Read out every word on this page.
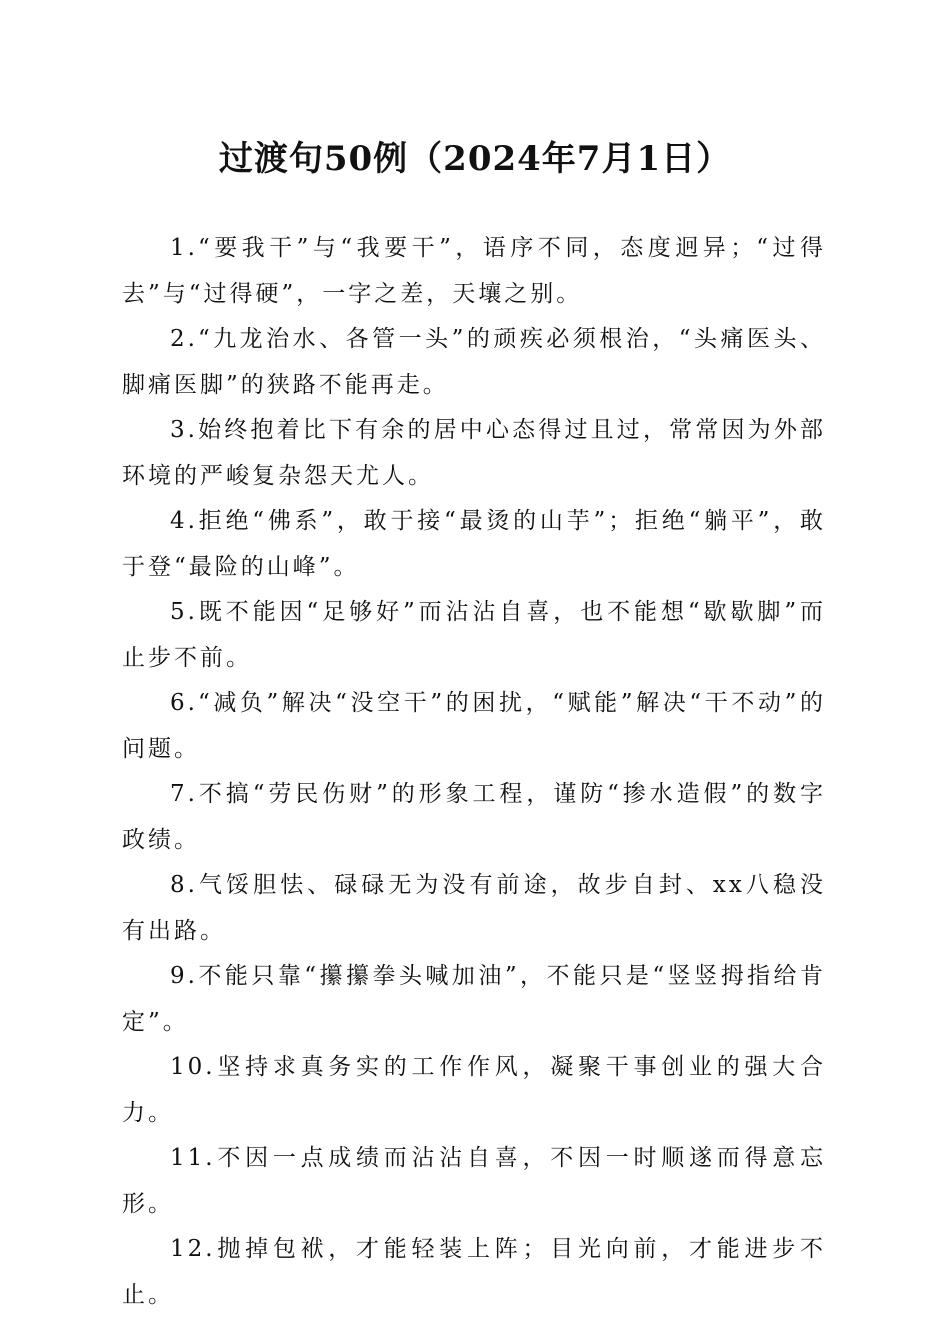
过渡句50例（2024年7月1日）

1.“要我干”与“我要干”，语序不同，态度迥异；“过得去”与“过得硬”，一字之差，天壤之别。

2.“九龙治水、各管一头”的顽疾必须根治，“头痛医头、脚痛医脚”的狭路不能再走。

3.始终抱着比下有余的居中心态得过且过，常常因为外部环境的严峻复杂怨天尤人。

4.拒绝“佛系”，敢于接“最烫的山芋”；拒绝“躺平”，敢于登“最险的山峰”。

5.既不能因“足够好”而沾沾自喜，也不能想“歇歇脚”而止步不前。

6.“减负”解决“没空干”的困扰，“赋能”解决“干不动”的问题。

7.不搞“劳民伤财”的形象工程，谨防“掺水造假”的数字政绩。

8.气馁胆怯、碌碌无为没有前途，故步自封、xx八稳没有出路。

9.不能只靠“攥攥拳头喊加油”，不能只是“竖竖拇指给肯定”。

10.坚持求真务实的工作作风，凝聚干事创业的强大合力。

11.不因一点成绩而沾沾自喜，不因一时顺遂而得意忘形。

12.抛掉包袱，才能轻装上阵；目光向前，才能进步不止。
